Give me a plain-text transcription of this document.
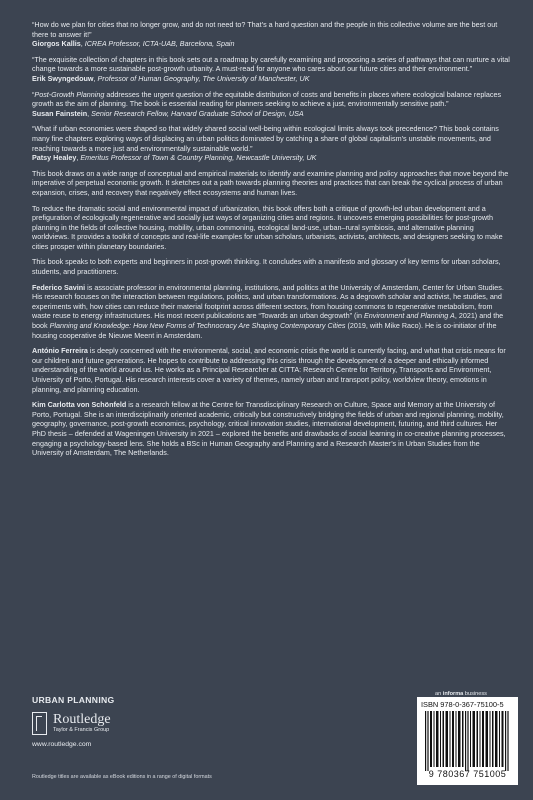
“How do we plan for cities that no longer grow, and do not need to? That’s a hard question and the people in this collective volume are the best out there to answer it!”
Giorgos Kallis, ICREA Professor, ICTA-UAB, Barcelona, Spain

“The exquisite collection of chapters in this book sets out a roadmap by carefully examining and proposing a series of pathways that can nurture a vital change towards a more sustainable post-growth urbanity. A must-read for anyone who cares about our future cities and their environment.”
Erik Swyngedouw, Professor of Human Geography, The University of Manchester, UK

“Post-Growth Planning addresses the urgent question of the equitable distribution of costs and benefits in places where ecological balance replaces growth as the aim of planning. The book is essential reading for planners seeking to achieve a just, environmentally sensitive path.”
Susan Fainstein, Senior Research Fellow, Harvard Graduate School of Design, USA

“What if urban economies were shaped so that widely shared social well-being within ecological limits always took precedence? This book contains many fine chapters exploring ways of displacing an urban politics dominated by catching a share of global capitalism’s unstable movements, and reaching towards a more just and environmentally sustainable world.”
Patsy Healey, Emeritus Professor of Town & Country Planning, Newcastle University, UK

This book draws on a wide range of conceptual and empirical materials to identify and examine planning and policy approaches that move beyond the imperative of perpetual economic growth. It sketches out a path towards planning theories and practices that can break the cyclical process of urban expansion, crises, and recovery that negatively effect ecosystems and human lives.

To reduce the dramatic social and environmental impact of urbanization, this book offers both a critique of growth-led urban development and a prefiguration of ecologically regenerative and socially just ways of organizing cities and regions. It uncovers emerging possibilities for post-growth planning in the fields of collective housing, mobility, urban commoning, ecological land-use, urban–rural symbiosis, and alternative planning worldviews. It provides a toolkit of concepts and real-life examples for urban scholars, urbanists, activists, architects, and designers seeking to make cities prosper within planetary boundaries.

This book speaks to both experts and beginners in post-growth thinking. It concludes with a manifesto and glossary of key terms for urban scholars, students, and practitioners.

Federico Savini is associate professor in environmental planning, institutions, and politics at the University of Amsterdam, Center for Urban Studies. His research focuses on the interaction between regulations, politics, and urban transformations. As a degrowth scholar and activist, he studies, and experiments with, how cities can reduce their material footprint across different sectors, from housing commons to regenerative metabolism, from waste reuse to energy infrastructures. His most recent publications are “Towards an urban degrowth” (in Environment and Planning A, 2021) and the book Planning and Knowledge: How New Forms of Technocracy Are Shaping Contemporary Cities (2019, with Mike Raco). He is co-initiator of the housing cooperative de Nieuwe Meent in Amsterdam.

António Ferreira is deeply concerned with the environmental, social, and economic crisis the world is currently facing, and what that crisis means for our children and future generations. He hopes to contribute to addressing this crisis through the development of a deeper and ethically informed understanding of the world around us. He works as a Principal Researcher at CITTA: Research Centre for Territory, Transports and Environment, University of Porto, Portugal. His research interests cover a variety of themes, namely urban and transport policy, worldview theory, emotions in planning, and planning education.

Kim Carlotta von Schönfeld is a research fellow at the Centre for Transdisciplinary Research on Culture, Space and Memory at the University of Porto, Portugal. She is an interdisciplinarily oriented academic, critically but constructively bridging the fields of urban and regional planning, mobility, geography, governance, post-growth economics, psychology, critical innovation studies, international development, futuring, and third cultures. Her PhD thesis – defended at Wageningen University in 2021 – explored the benefits and drawbacks of social learning in co-creative planning processes, engaging a psychology-based lens. She holds a BSc in Human Geography and Planning and a Research Master’s in Urban Studies from the University of Amsterdam, The Netherlands.

URBAN PLANNING
Routledge
Taylor & Francis Group
www.routledge.com
Routledge titles are available as eBook editions in a range of digital formats
an informa business
ISBN 978-0-367-75100-5
9 780367 751005
